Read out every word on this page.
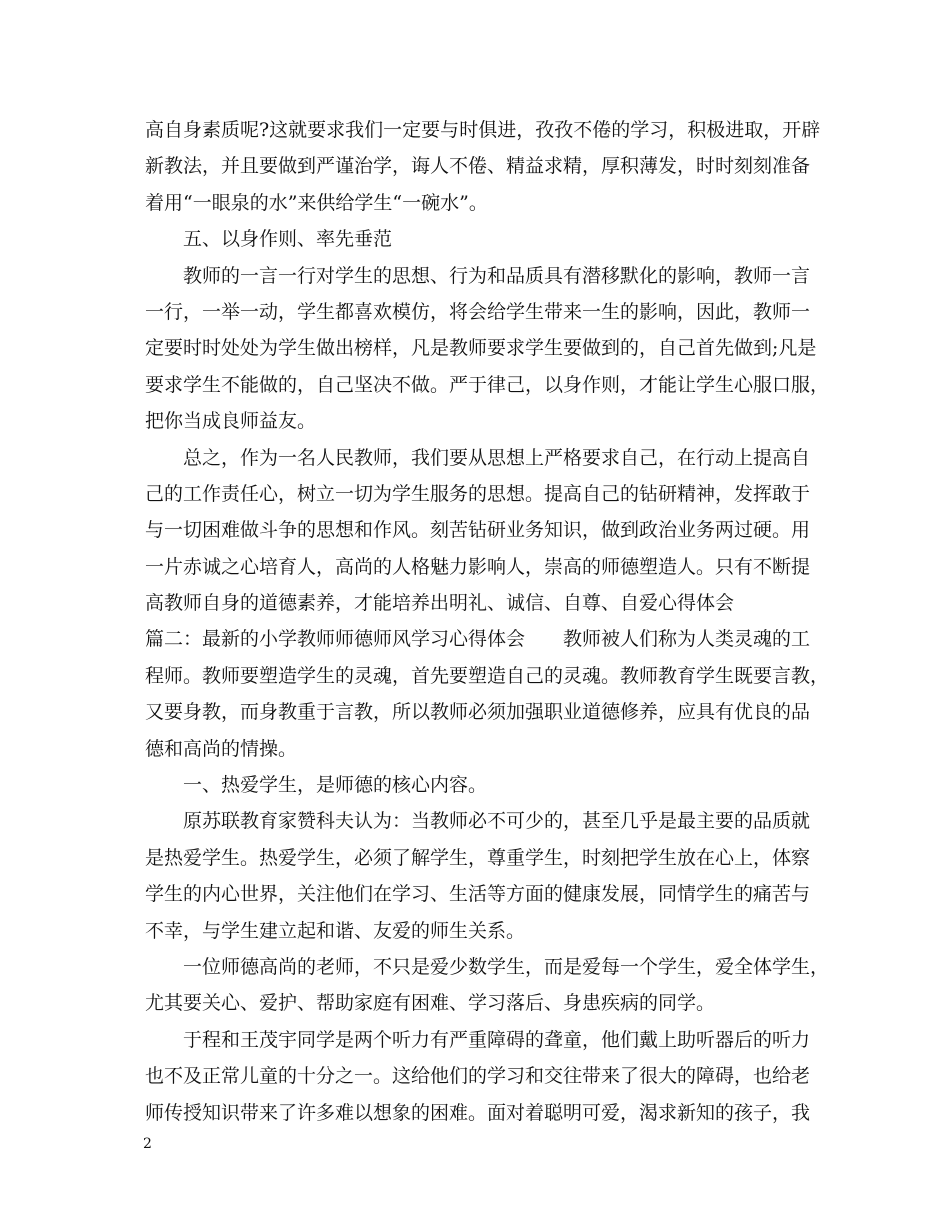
高自身素质呢?这就要求我们一定要与时俱进，孜孜不倦的学习，积极进取，开辟
新教法，并且要做到严谨治学，诲人不倦、精益求精，厚积薄发，时时刻刻准备
着用“一眼泉的水”来供给学生“一碗水”。
五、以身作则、率先垂范
教师的一言一行对学生的思想、行为和品质具有潜移默化的影响，教师一言
一行，一举一动，学生都喜欢模仿，将会给学生带来一生的影响，因此，教师一
定要时时处处为学生做出榜样，凡是教师要求学生要做到的，自己首先做到;凡是
要求学生不能做的，自己坚决不做。严于律己，以身作则，才能让学生心服口服，
把你当成良师益友。
总之，作为一名人民教师，我们要从思想上严格要求自己，在行动上提高自
己的工作责任心，树立一切为学生服务的思想。提高自己的钻研精神，发挥敢于
与一切困难做斗争的思想和作风。刻苦钻研业务知识，做到政治业务两过硬。用
一片赤诚之心培育人，高尚的人格魅力影响人，崇高的师德塑造人。只有不断提
高教师自身的道德素养，才能培养出明礼、诚信、自尊、自爱心得体会
篇二：最新的小学教师师德师风学习心得体会　　教师被人们称为人类灵魂的工
程师。教师要塑造学生的灵魂，首先要塑造自己的灵魂。教师教育学生既要言教，
又要身教，而身教重于言教，所以教师必须加强职业道德修养，应具有优良的品
德和高尚的情操。
一、热爱学生，是师德的核心内容。
原苏联教育家赞科夫认为：当教师必不可少的，甚至几乎是最主要的品质就
是热爱学生。热爱学生，必须了解学生，尊重学生，时刻把学生放在心上，体察
学生的内心世界，关注他们在学习、生活等方面的健康发展，同情学生的痛苦与
不幸，与学生建立起和谐、友爱的师生关系。
一位师德高尚的老师，不只是爱少数学生，而是爱每一个学生，爱全体学生，
尤其要关心、爱护、帮助家庭有困难、学习落后、身患疾病的同学。
于程和王茂宇同学是两个听力有严重障碍的聋童，他们戴上助听器后的听力
也不及正常儿童的十分之一。这给他们的学习和交往带来了很大的障碍，也给老
师传授知识带来了许多难以想象的困难。面对着聪明可爱，渴求新知的孩子，我
2
